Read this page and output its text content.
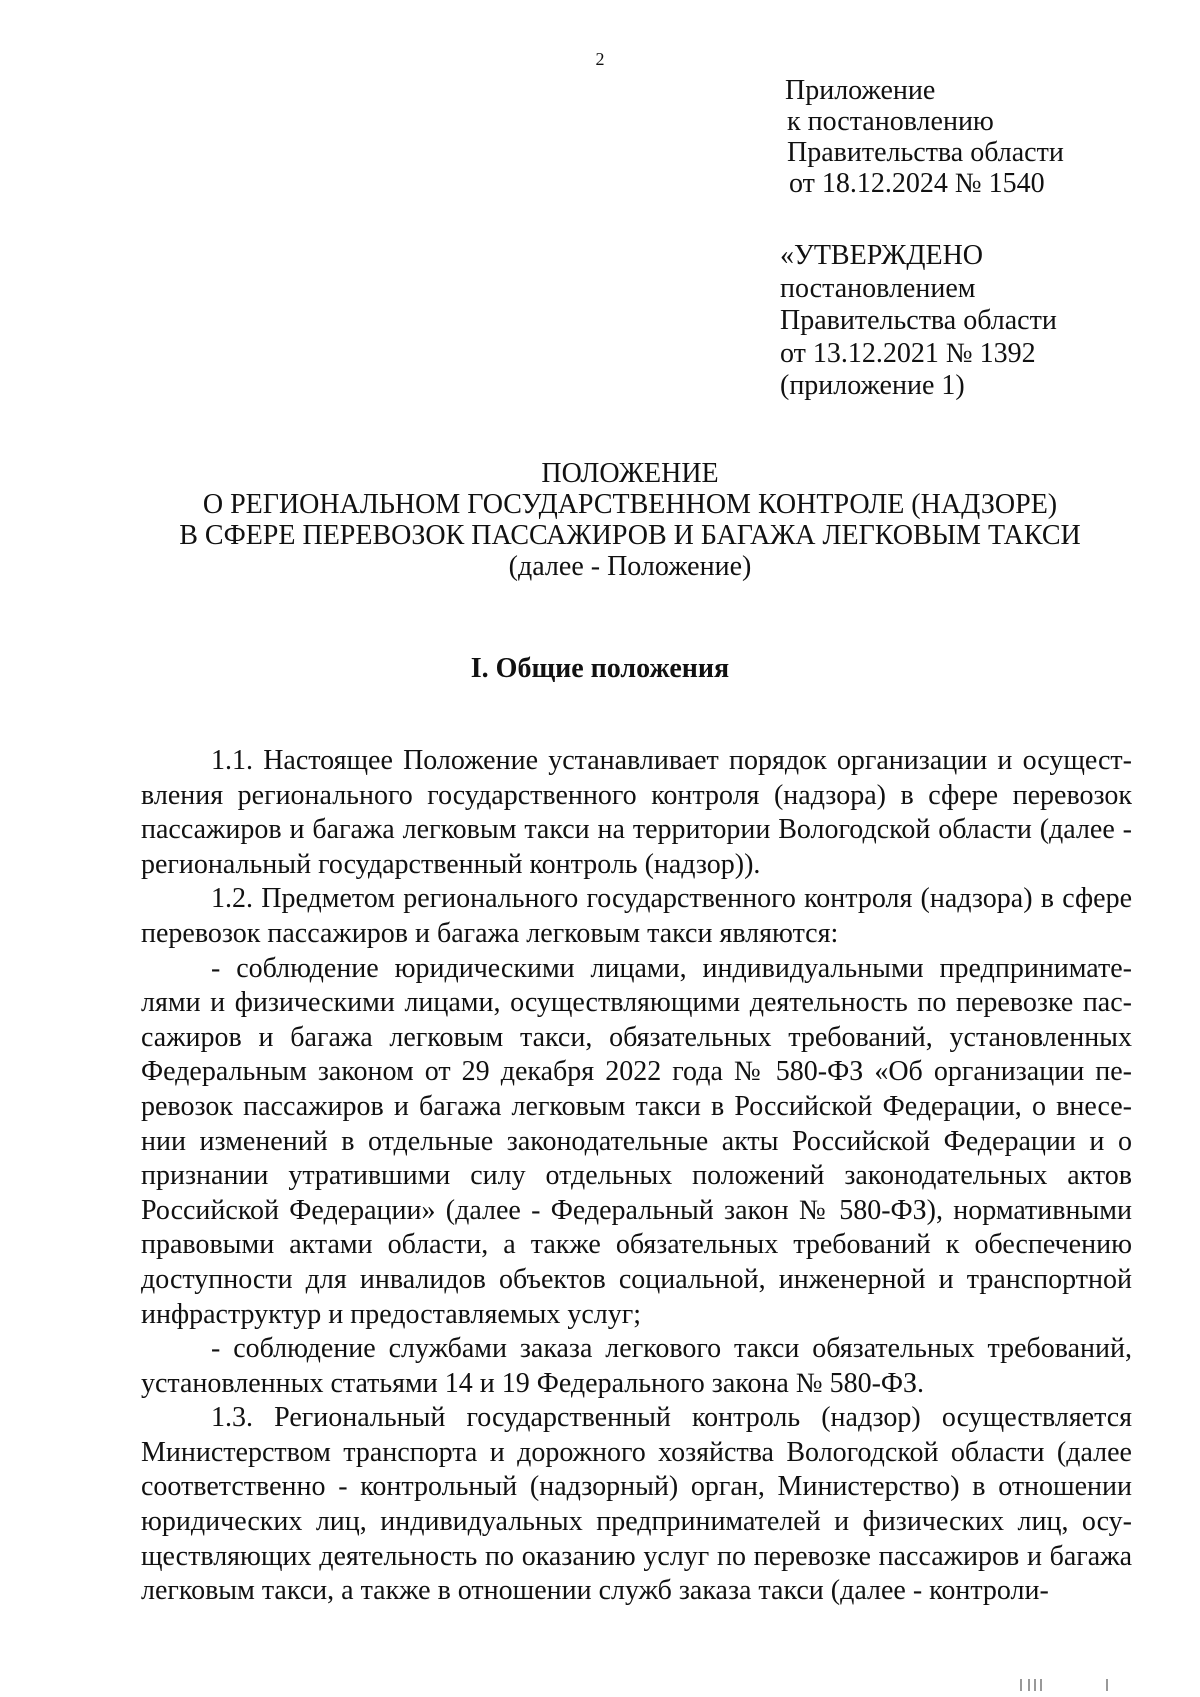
2
Приложение
к постановлению
Правительства области
от 18.12.2024 № 1540
«УТВЕРЖДЕНО
постановлением
Правительства области
от 13.12.2021 № 1392
(приложение 1)
ПОЛОЖЕНИЕ
О РЕГИОНАЛЬНОМ ГОСУДАРСТВЕННОМ КОНТРОЛЕ (НАДЗОРЕ)
В СФЕРЕ ПЕРЕВОЗОК ПАССАЖИРОВ И БАГАЖА ЛЕГКОВЫМ ТАКСИ
(далее - Положение)
I. Общие положения

1.1. Настоящее Положение устанавливает порядок организации и осуществления регионального государственного контроля (надзора) в сфере перевозок пассажиров и багажа легковым такси на территории Вологодской области (далее - региональный государственный контроль (надзор)).

1.2. Предметом регионального государственного контроля (надзора) в сфере перевозок пассажиров и багажа легковым такси являются:

- соблюдение юридическими лицами, индивидуальными предпринимателями и физическими лицами, осуществляющими деятельность по перевозке пассажиров и багажа легковым такси, обязательных требований, установленных Федеральным законом от 29 декабря 2022 года № 580-ФЗ «Об организации перевозок пассажиров и багажа легковым такси в Российской Федерации, о внесении изменений в отдельные законодательные акты Российской Федерации и о признании утратившими силу отдельных положений законодательных актов Российской Федерации» (далее - Федеральный закон № 580-ФЗ), нормативными правовыми актами области, а также обязательных требований к обеспечению доступности для инвалидов объектов социальной, инженерной и транспортной инфраструктур и предоставляемых услуг;

- соблюдение службами заказа легкового такси обязательных требований, установленных статьями 14 и 19 Федерального закона № 580-ФЗ.

1.3. Региональный государственный контроль (надзор) осуществляется Министерством транспорта и дорожного хозяйства Вологодской области (далее соответственно - контрольный (надзорный) орган, Министерство) в отношении юридических лиц, индивидуальных предпринимателей и физических лиц, осуществляющих деятельность по оказанию услуг по перевозке пассажиров и багажа легковым такси, а также в отношении служб заказа такси (далее - контроли-
